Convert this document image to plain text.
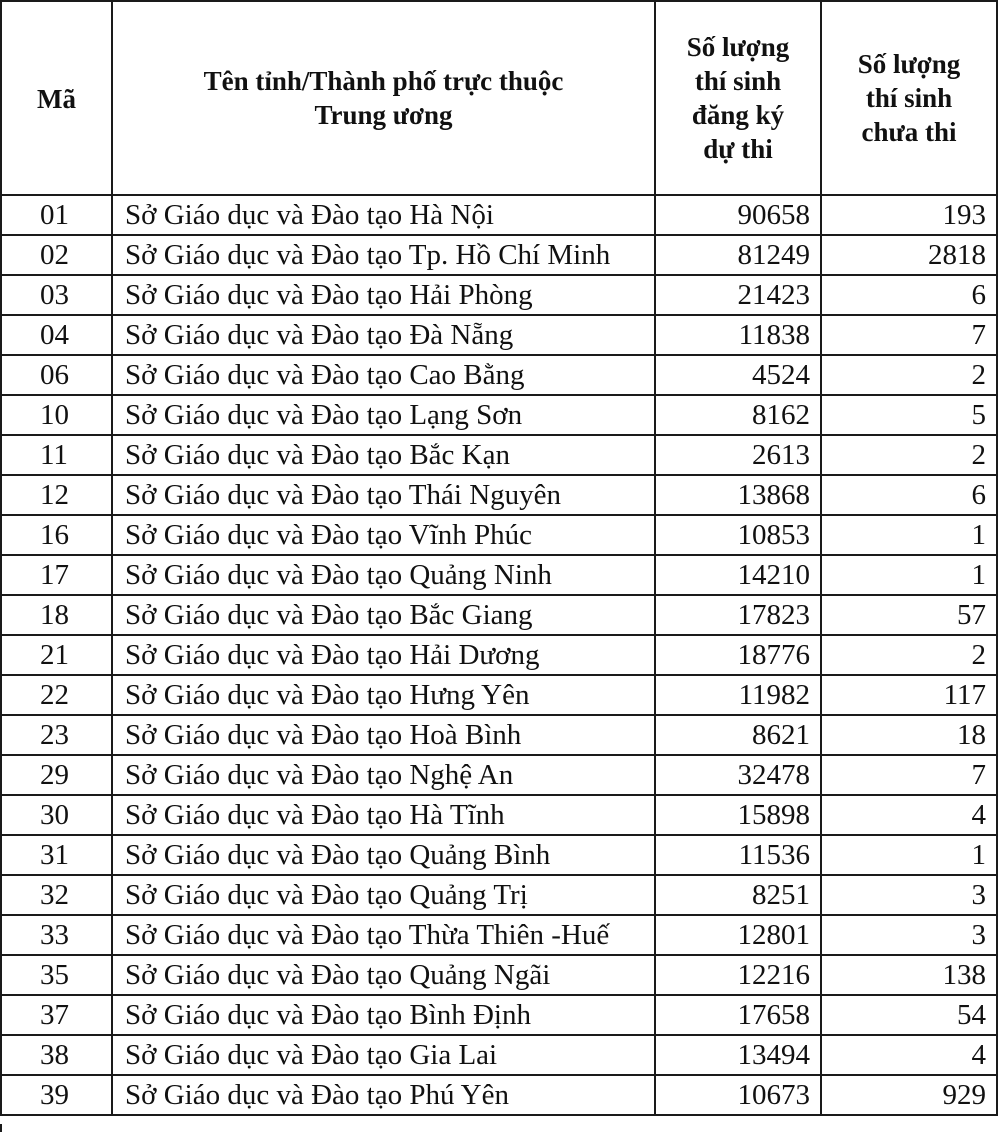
Mã	Tên tỉnh/Thành phố trực thuộc Trung ương	Số lượng thí sinh đăng ký dự thi	Số lượng thí sinh chưa thi
01	Sở Giáo dục và Đào tạo Hà Nội	90658	193
02	Sở Giáo dục và Đào tạo Tp. Hồ Chí Minh	81249	2818
03	Sở Giáo dục và Đào tạo Hải Phòng	21423	6
04	Sở Giáo dục và Đào tạo Đà Nẵng	11838	7
06	Sở Giáo dục và Đào tạo Cao Bằng	4524	2
10	Sở Giáo dục và Đào tạo Lạng Sơn	8162	5
11	Sở Giáo dục và Đào tạo Bắc Kạn	2613	2
12	Sở Giáo dục và Đào tạo Thái Nguyên	13868	6
16	Sở Giáo dục và Đào tạo Vĩnh Phúc	10853	1
17	Sở Giáo dục và Đào tạo Quảng Ninh	14210	1
18	Sở Giáo dục và Đào tạo Bắc Giang	17823	57
21	Sở Giáo dục và Đào tạo Hải Dương	18776	2
22	Sở Giáo dục và Đào tạo Hưng Yên	11982	117
23	Sở Giáo dục và Đào tạo Hoà Bình	8621	18
29	Sở Giáo dục và Đào tạo Nghệ An	32478	7
30	Sở Giáo dục và Đào tạo Hà Tĩnh	15898	4
31	Sở Giáo dục và Đào tạo Quảng Bình	11536	1
32	Sở Giáo dục và Đào tạo Quảng Trị	8251	3
33	Sở Giáo dục và Đào tạo Thừa Thiên -Huế	12801	3
35	Sở Giáo dục và Đào tạo Quảng Ngãi	12216	138
37	Sở Giáo dục và Đào tạo Bình Định	17658	54
38	Sở Giáo dục và Đào tạo Gia Lai	13494	4
39	Sở Giáo dục và Đào tạo Phú Yên	10673	929
